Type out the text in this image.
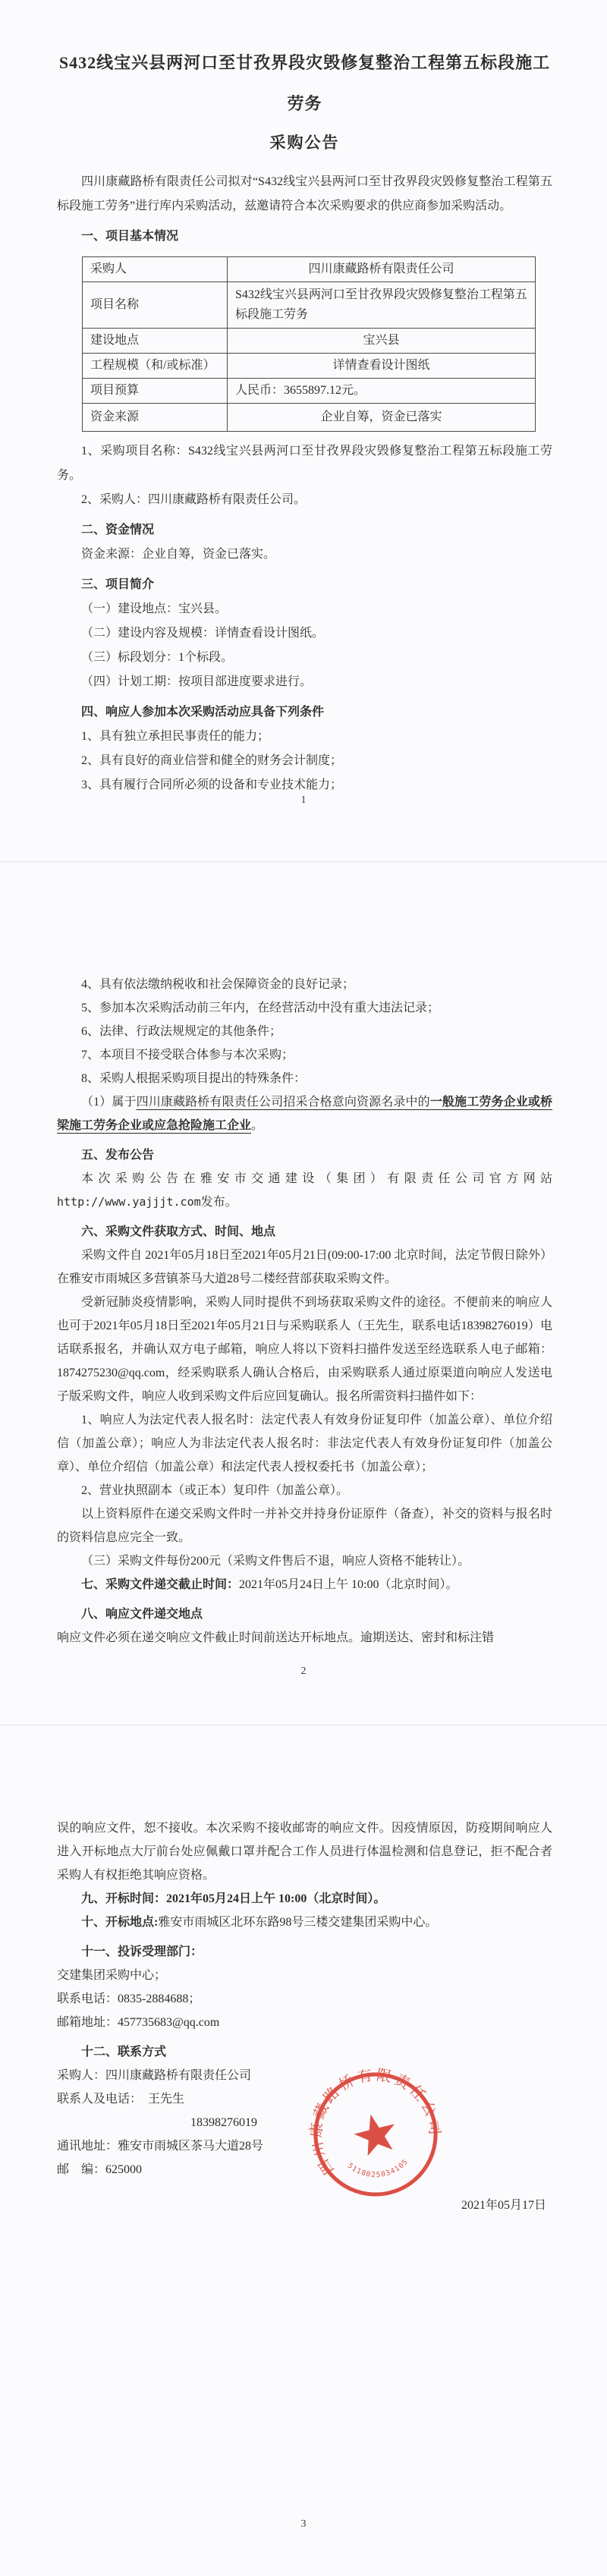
S432线宝兴县两河口至甘孜界段灾毁修复整治工程第五标段施工劳务
采购公告

四川康藏路桥有限责任公司拟对“S432线宝兴县两河口至甘孜界段灾毁修复整治工程第五标段施工劳务”进行库内采购活动，兹邀请符合本次采购要求的供应商参加采购活动。

一、项目基本情况

采购人	四川康藏路桥有限责任公司
项目名称	S432线宝兴县两河口至甘孜界段灾毁修复整治工程第五标段施工劳务
建设地点	宝兴县
工程规模（和/或标准）	详情查看设计图纸
项目预算	人民币：3655897.12元。
资金来源	企业自筹，资金已落实

1、采购项目名称：S432线宝兴县两河口至甘孜界段灾毁修复整治工程第五标段施工劳务。

2、采购人：四川康藏路桥有限责任公司。

二、资金情况

资金来源：企业自筹，资金已落实。

三、项目简介

（一）建设地点：宝兴县。

（二）建设内容及规模：详情查看设计图纸。

（三）标段划分：1个标段。

（四）计划工期：按项目部进度要求进行。

四、响应人参加本次采购活动应具备下列条件

1、具有独立承担民事责任的能力；

2、具有良好的商业信誉和健全的财务会计制度；

3、具有履行合同所必须的设备和专业技术能力；

1

4、具有依法缴纳税收和社会保障资金的良好记录；

5、参加本次采购活动前三年内，在经营活动中没有重大违法记录；

6、法律、行政法规规定的其他条件；

7、本项目不接受联合体参与本次采购；

8、采购人根据采购项目提出的特殊条件：

（1）属于四川康藏路桥有限责任公司招采合格意向资源名录中的一般施工劳务企业或桥梁施工劳务企业或应急抢险施工企业。

五、发布公告

本次采购公告在雅安市交通建设（集团）有限责任公司官方网站http://www.yajjjt.com发布。

六、采购文件获取方式、时间、地点

采购文件自 2021年05月18日至2021年05月21日(09:00-17:00 北京时间，法定节假日除外）在雅安市雨城区多营镇茶马大道28号二楼经营部获取采购文件。

受新冠肺炎疫情影响，采购人同时提供不到场获取采购文件的途径。不便前来的响应人也可于2021年05月18日至2021年05月21日与采购联系人（王先生，联系电话18398276019）电话联系报名，并确认双方电子邮箱，响应人将以下资料扫描件发送至经选联系人电子邮箱：1874275230@qq.com，经采购联系人确认合格后，由采购联系人通过原渠道向响应人发送电子版采购文件，响应人收到采购文件后应回复确认。报名所需资料扫描件如下：

1、响应人为法定代表人报名时：法定代表人有效身份证复印件（加盖公章）、单位介绍信（加盖公章）；响应人为非法定代表人报名时：非法定代表人有效身份证复印件（加盖公章）、单位介绍信（加盖公章）和法定代表人授权委托书（加盖公章）；

2、营业执照副本（或正本）复印件（加盖公章）。

以上资料原件在递交采购文件时一并补交并持身份证原件（备查），补交的资料与报名时的资料信息应完全一致。

（三）采购文件每份200元（采购文件售后不退，响应人资格不能转让）。

七、采购文件递交截止时间：2021年05月24日上午 10:00（北京时间）。

八、响应文件递交地点

响应文件必须在递交响应文件截止时间前送达开标地点。逾期送达、密封和标注错

2

误的响应文件，恕不接收。本次采购不接收邮寄的响应文件。因疫情原因，防疫期间响应人进入开标地点大厅前台处应佩戴口罩并配合工作人员进行体温检测和信息登记，拒不配合者采购人有权拒绝其响应资格。

九、开标时间：2021年05月24日上午 10:00（北京时间）。

十、开标地点:雅安市雨城区北环东路98号三楼交建集团采购中心。

十一、投诉受理部门：

交建集团采购中心；

联系电话：0835-2884688；

邮箱地址：457735683@qq.com

十二、联系方式

采购人：四川康藏路桥有限责任公司

联系人及电话：　王先生

18398276019

通讯地址：雅安市雨城区茶马大道28号

邮　编：625000

2021年05月17日

四川康藏路桥有限责任公司
5118025034105
3
